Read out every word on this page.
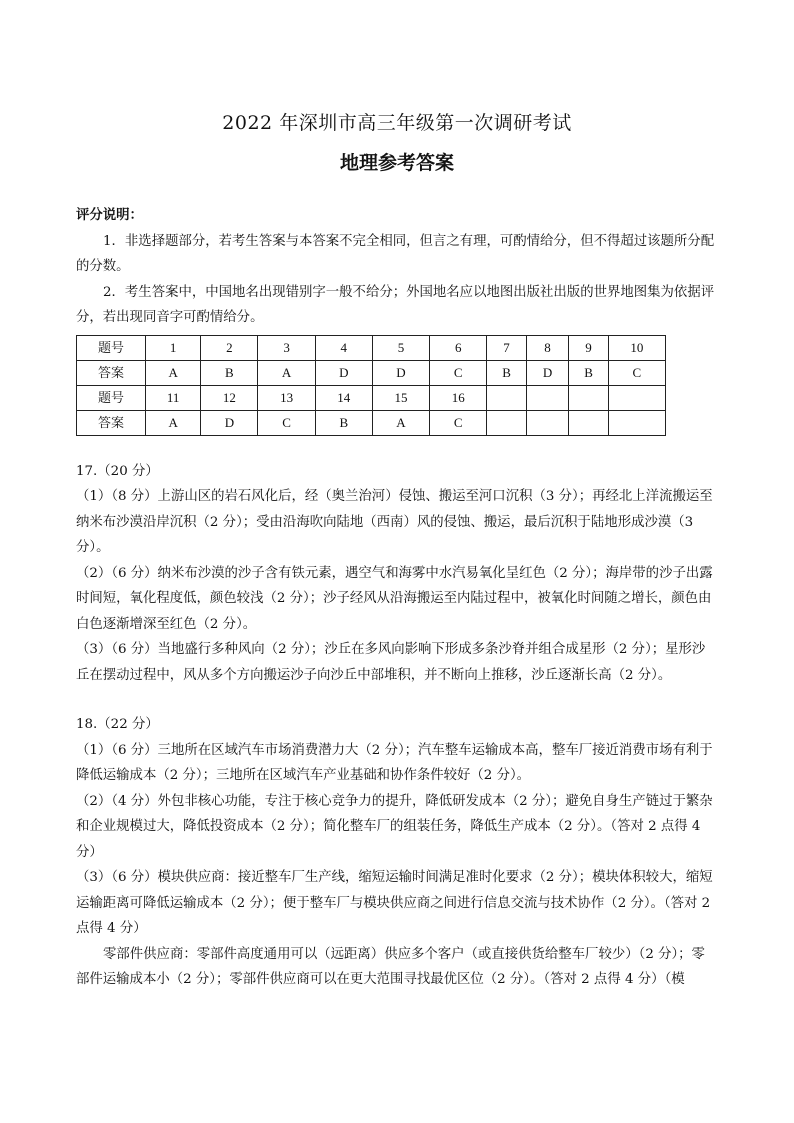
2022 年深圳市高三年级第一次调研考试
地理参考答案

评分说明：

1．非选择题部分，若考生答案与本答案不完全相同，但言之有理，可酌情给分，但不得超过该题所分配的分数。

2．考生答案中，中国地名出现错别字一般不给分；外国地名应以地图出版社出版的世界地图集为依据评分，若出现同音字可酌情给分。

题号	1	2	3	4	5	6	7	8	9	10
答案	A	B	A	D	D	C	B	D	B	C
题号	11	12	13	14	15	16				
答案	A	D	C	B	A	C				

17.（20 分）

（1）（8 分）上游山区的岩石风化后，经（奥兰治河）侵蚀、搬运至河口沉积（3 分）；再经北上洋流搬运至纳米布沙漠沿岸沉积（2 分）；受由沿海吹向陆地（西南）风的侵蚀、搬运，最后沉积于陆地形成沙漠（3 分）。

（2）（6 分）纳米布沙漠的沙子含有铁元素，遇空气和海雾中水汽易氧化呈红色（2 分）；海岸带的沙子出露时间短，氧化程度低，颜色较浅（2 分）；沙子经风从沿海搬运至内陆过程中，被氧化时间随之增长，颜色由白色逐渐增深至红色（2 分）。

（3）（6 分）当地盛行多种风向（2 分）；沙丘在多风向影响下形成多条沙脊并组合成星形（2 分）；星形沙丘在摆动过程中，风从多个方向搬运沙子向沙丘中部堆积，并不断向上推移，沙丘逐渐长高（2 分）。

18.（22 分）

（1）（6 分）三地所在区域汽车市场消费潜力大（2 分）；汽车整车运输成本高，整车厂接近消费市场有利于降低运输成本（2 分）；三地所在区域汽车产业基础和协作条件较好（2 分）。

（2）（4 分）外包非核心功能，专注于核心竞争力的提升，降低研发成本（2 分）；避免自身生产链过于繁杂和企业规模过大，降低投资成本（2 分）；简化整车厂的组装任务，降低生产成本（2 分）。（答对 2 点得 4 分）

（3）（6 分）模块供应商：接近整车厂生产线，缩短运输时间满足准时化要求（2 分）；模块体积较大，缩短运输距离可降低运输成本（2 分）；便于整车厂与模块供应商之间进行信息交流与技术协作（2 分）。（答对 2 点得 4 分）

零部件供应商：零部件高度通用可以（远距离）供应多个客户（或直接供货给整车厂较少）（2 分）；零部件运输成本小（2 分）；零部件供应商可以在更大范围寻找最优区位（2 分）。（答对 2 点得 4 分）（模
